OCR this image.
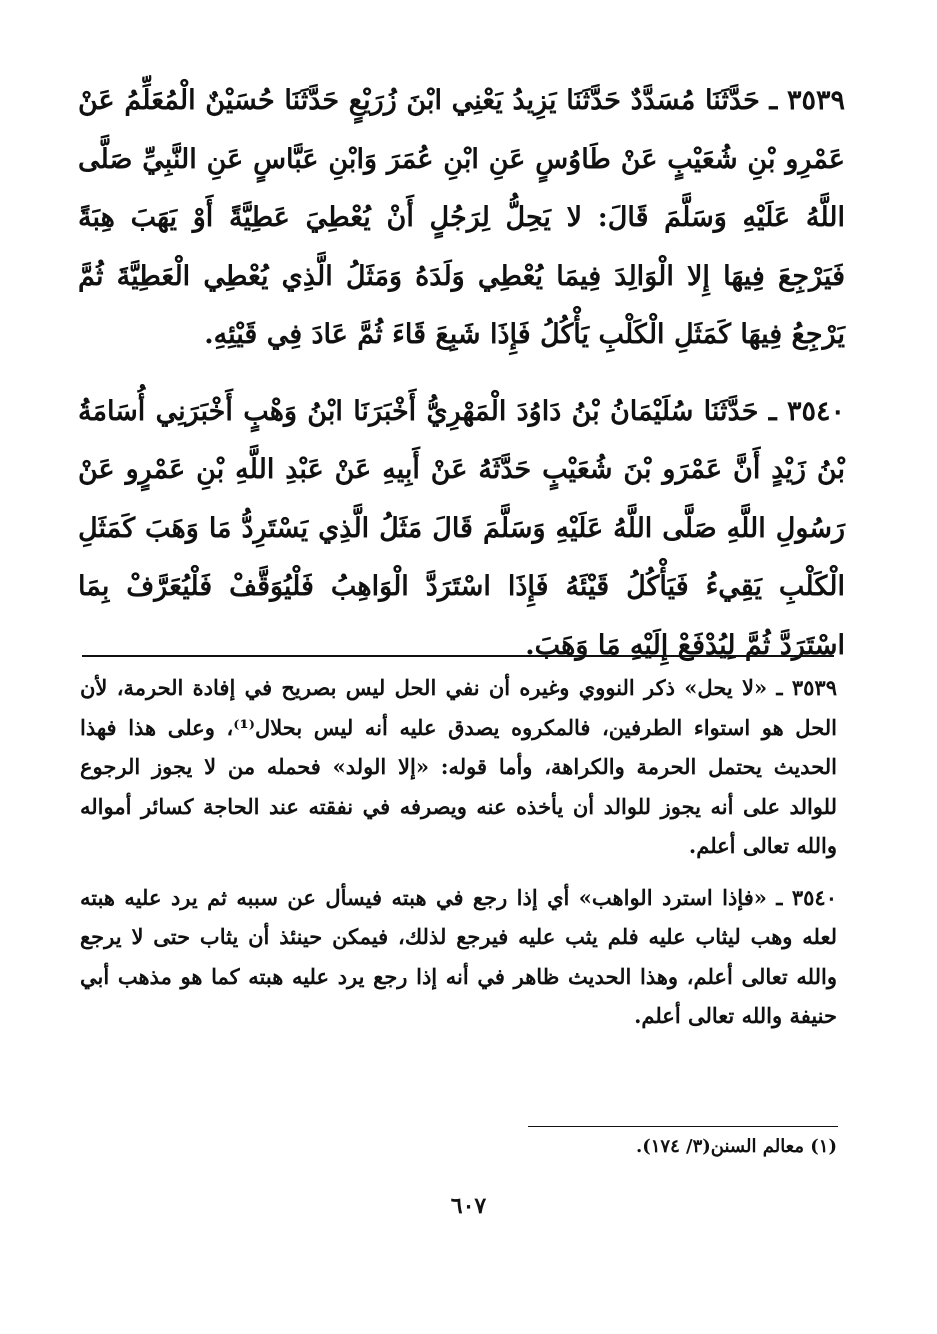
٣٥٣٩ ـ حَدَّثَنَا مُسَدَّدٌ حَدَّثَنَا يَزِيدُ يَعْنِي ابْنَ زُرَيْعٍ حَدَّثَنَا حُسَيْنٌ الْمُعَلِّمُ عَنْ عَمْرِو بْنِ شُعَيْبٍ عَنْ طَاوُسٍ عَنِ ابْنِ عُمَرَ وَابْنِ عَبَّاسٍ عَنِ النَّبِيِّ صَلَّى اللَّهُ عَلَيْهِ وَسَلَّمَ قَالَ: لا يَحِلُّ لِرَجُلٍ أَنْ يُعْطِيَ عَطِيَّةً أَوْ يَهَبَ هِبَةً فَيَرْجِعَ فِيهَا إِلا الْوَالِدَ فِيمَا يُعْطِي وَلَدَهُ وَمَثَلُ الَّذِي يُعْطِي الْعَطِيَّةَ ثُمَّ يَرْجِعُ فِيهَا كَمَثَلِ الْكَلْبِ يَأْكُلُ فَإِذَا شَبِعَ قَاءَ ثُمَّ عَادَ فِي قَيْئِهِ.

٣٥٤٠ ـ حَدَّثَنَا سُلَيْمَانُ بْنُ دَاوُدَ الْمَهْرِيُّ أَخْبَرَنَا ابْنُ وَهْبٍ أَخْبَرَنِي أُسَامَةُ بْنُ زَيْدٍ أَنَّ عَمْرَو بْنَ شُعَيْبٍ حَدَّثَهُ عَنْ أَبِيهِ عَنْ عَبْدِ اللَّهِ بْنِ عَمْرٍو عَنْ رَسُولِ اللَّهِ صَلَّى اللَّهُ عَلَيْهِ وَسَلَّمَ قَالَ مَثَلُ الَّذِي يَسْتَرِدُّ مَا وَهَبَ كَمَثَلِ الْكَلْبِ يَقِيءُ فَيَأْكُلُ قَيْئَهُ فَإِذَا اسْتَرَدَّ الْوَاهِبُ فَلْيُوَقَّفْ فَلْيُعَرَّفْ بِمَا اسْتَرَدَّ ثُمَّ لِيُدْفَعْ إِلَيْهِ مَا وَهَبَ.

٣٥٣٩ ـ «لا يحل» ذكر النووي وغيره أن نفي الحل ليس بصريح في إفادة الحرمة، لأن الحل هو استواء الطرفين، فالمكروه يصدق عليه أنه ليس بحلال⁽¹⁾، وعلى هذا فهذا الحديث يحتمل الحرمة والكراهة، وأما قوله: «إلا الولد» فحمله من لا يجوز الرجوع للوالد على أنه يجوز للوالد أن يأخذه عنه ويصرفه في نفقته عند الحاجة كسائر أمواله والله تعالى أعلم.

٣٥٤٠ ـ «فإذا استرد الواهب» أي إذا رجع في هبته فيسأل عن سببه ثم يرد عليه هبته لعله وهب ليثاب عليه فلم يثب عليه فيرجع لذلك، فيمكن حينئذ أن يثاب حتى لا يرجع والله تعالى أعلم، وهذا الحديث ظاهر في أنه إذا رجع يرد عليه هبته كما هو مذهب أبي حنيفة والله تعالى أعلم.

(١) معالم السنن(٣/ ١٧٤).
٦٠٧
